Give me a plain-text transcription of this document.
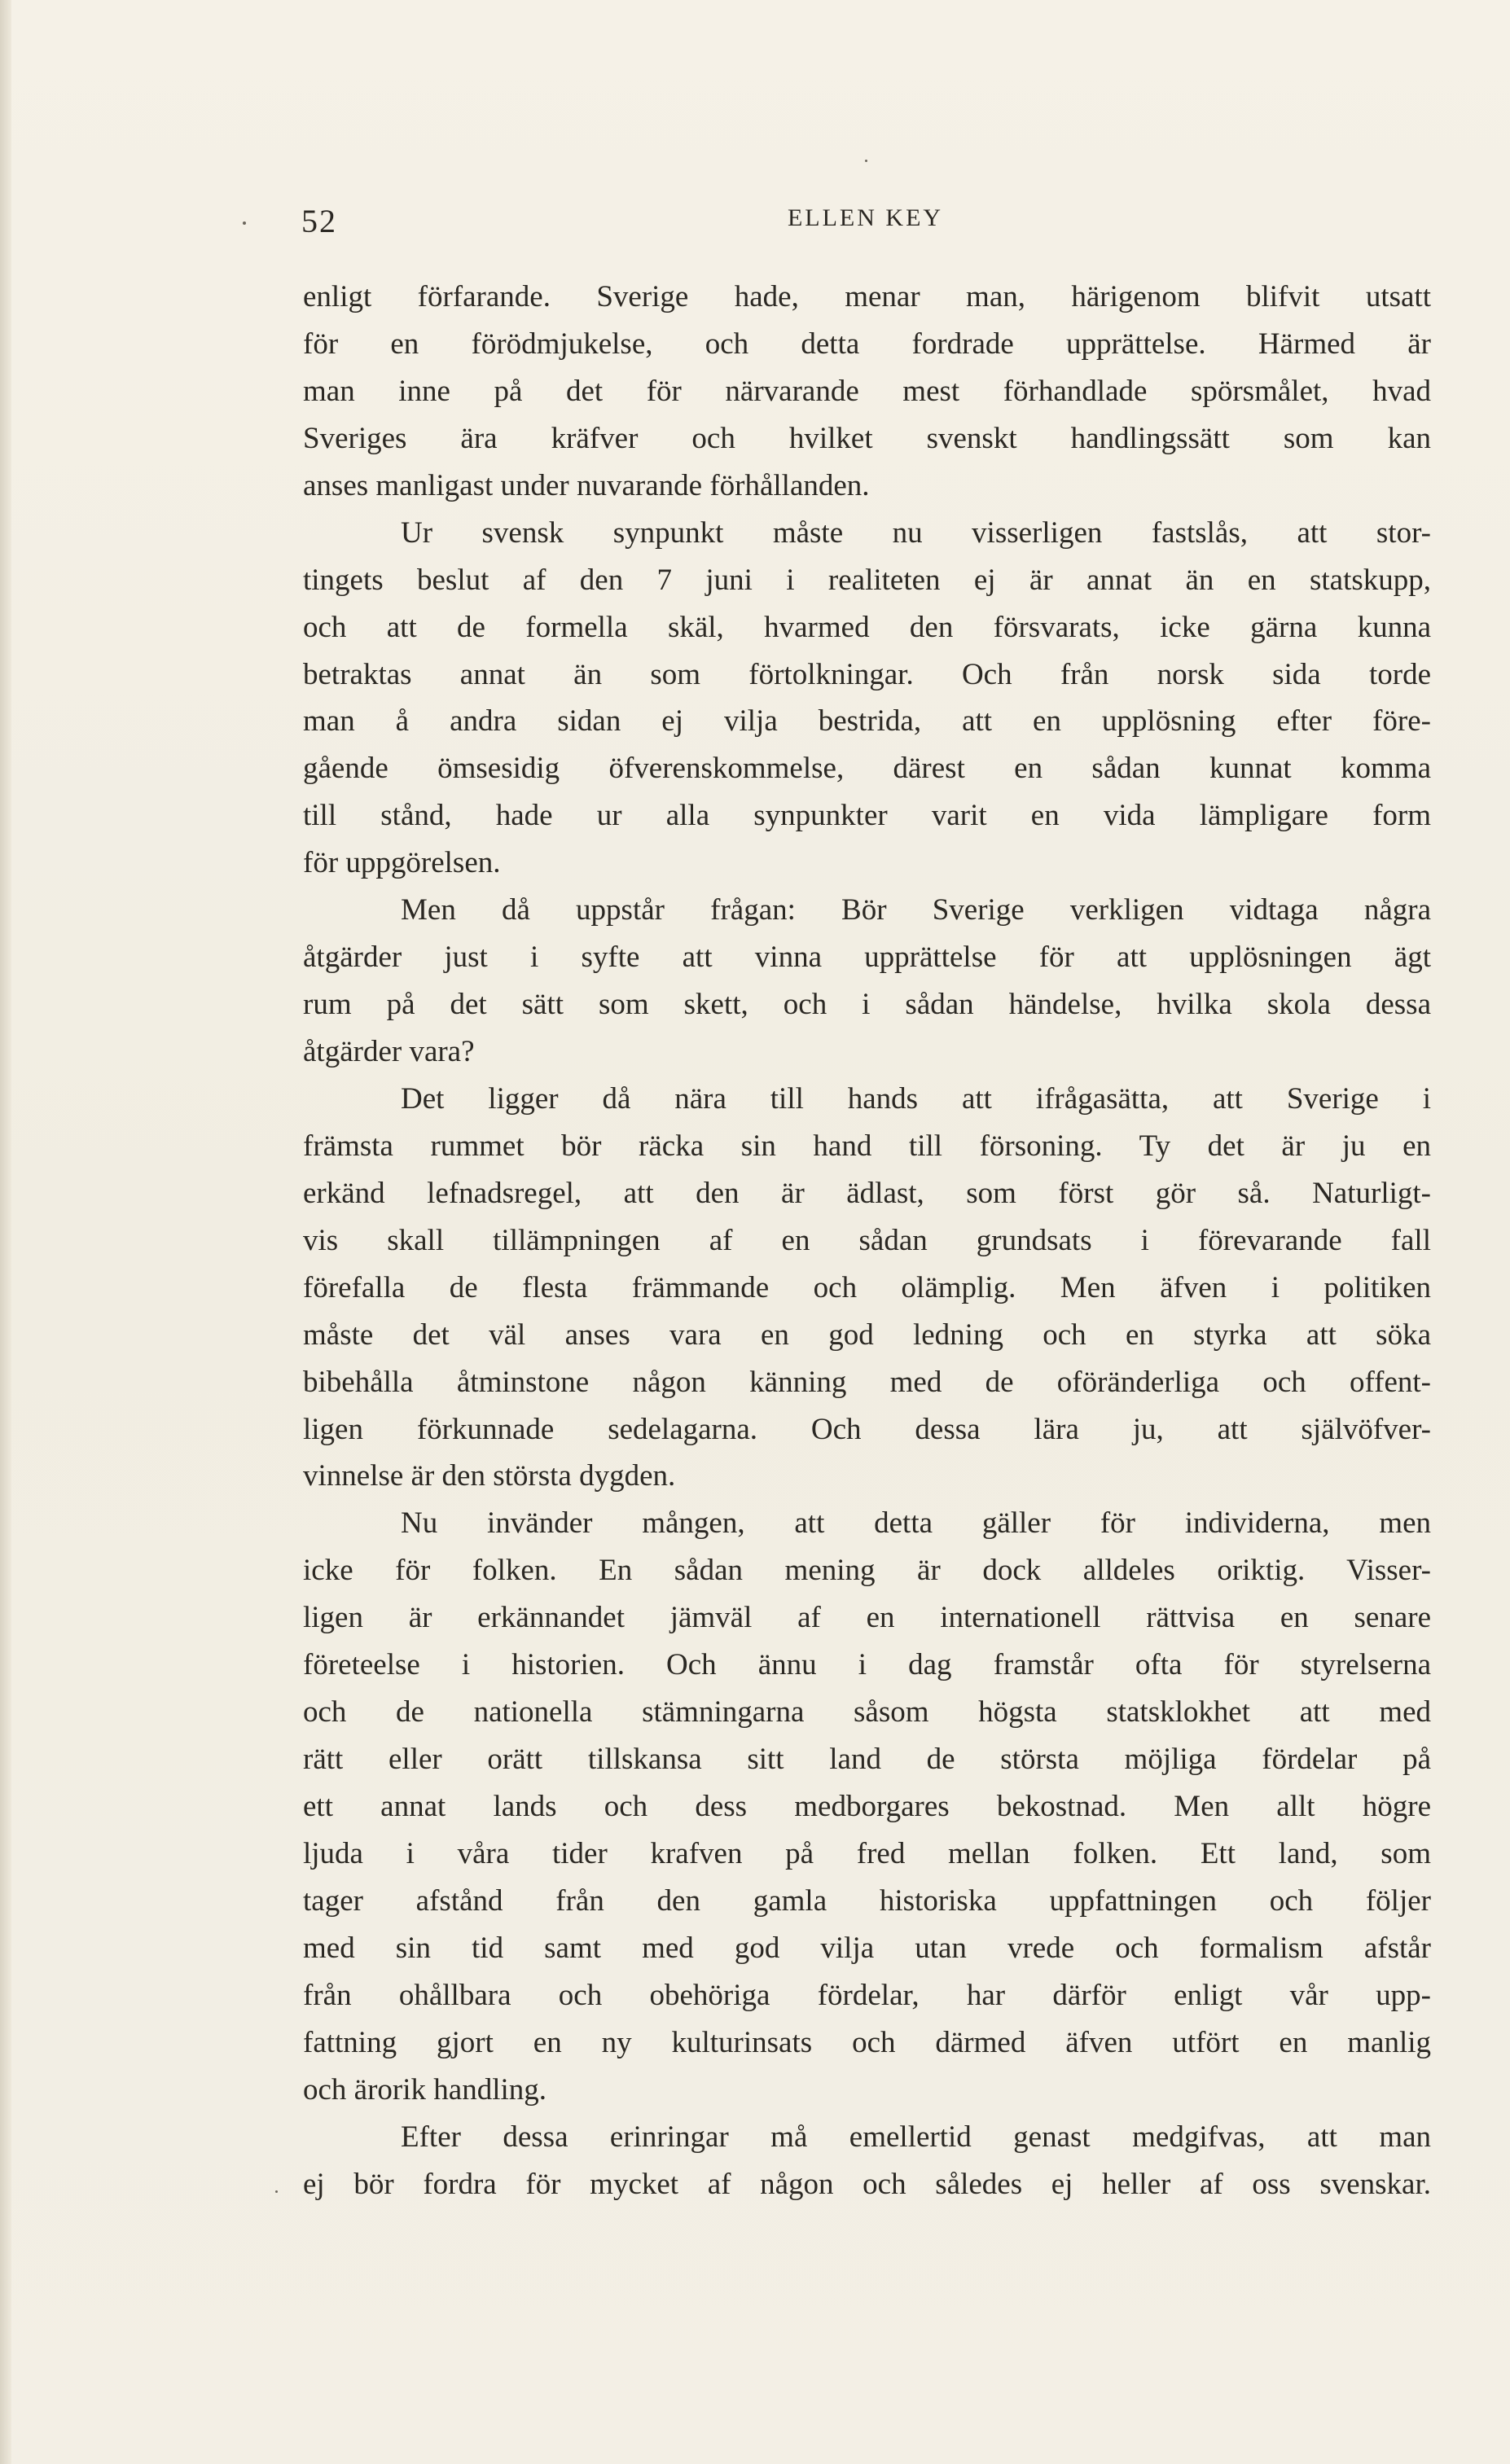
52	ELLEN KEY
enligt förfarande. Sverige hade, menar man, härigenom blifvit utsatt
för en förödmjukelse, och detta fordrade upprättelse. Härmed är
man inne på det för närvarande mest förhandlade spörsmålet, hvad
Sveriges ära kräfver och hvilket svenskt handlingssätt som kan
anses manligast under nuvarande förhållanden.
Ur svensk synpunkt måste nu visserligen fastslås, att stor-
tingets beslut af den 7 juni i realiteten ej är annat än en statskupp,
och att de formella skäl, hvarmed den försvarats, icke gärna kunna
betraktas annat än som förtolkningar. Och från norsk sida torde
man å andra sidan ej vilja bestrida, att en upplösning efter före-
gående ömsesidig öfverenskommelse, därest en sådan kunnat komma
till stånd, hade ur alla synpunkter varit en vida lämpligare form
för uppgörelsen.
Men då uppstår frågan: Bör Sverige verkligen vidtaga några
åtgärder just i syfte att vinna upprättelse för att upplösningen ägt
rum på det sätt som skett, och i sådan händelse, hvilka skola dessa
åtgärder vara?
Det ligger då nära till hands att ifrågasätta, att Sverige i
främsta rummet bör räcka sin hand till försoning. Ty det är ju en
erkänd lefnadsregel, att den är ädlast, som först gör så. Naturligt-
vis skall tillämpningen af en sådan grundsats i förevarande fall
förefalla de flesta främmande och olämplig. Men äfven i politiken
måste det väl anses vara en god ledning och en styrka att söka
bibehålla åtminstone någon känning med de oföränderliga och offent-
ligen förkunnade sedelagarna. Och dessa lära ju, att självöfver-
vinnelse är den största dygden.
Nu invänder mången, att detta gäller för individerna, men
icke för folken. En sådan mening är dock alldeles oriktig. Visser-
ligen är erkännandet jämväl af en internationell rättvisa en senare
företeelse i historien. Och ännu i dag framstår ofta för styrelserna
och de nationella stämningarna såsom högsta statsklokhet att med
rätt eller orätt tillskansa sitt land de största möjliga fördelar på
ett annat lands och dess medborgares bekostnad. Men allt högre
ljuda i våra tider krafven på fred mellan folken. Ett land, som
tager afstånd från den gamla historiska uppfattningen och följer
med sin tid samt med god vilja utan vrede och formalism afstår
från ohållbara och obehöriga fördelar, har därför enligt vår upp-
fattning gjort en ny kulturinsats och därmed äfven utfört en manlig
och ärorik handling.
Efter dessa erinringar må emellertid genast medgifvas, att man
ej bör fordra för mycket af någon och således ej heller af oss svenskar.
